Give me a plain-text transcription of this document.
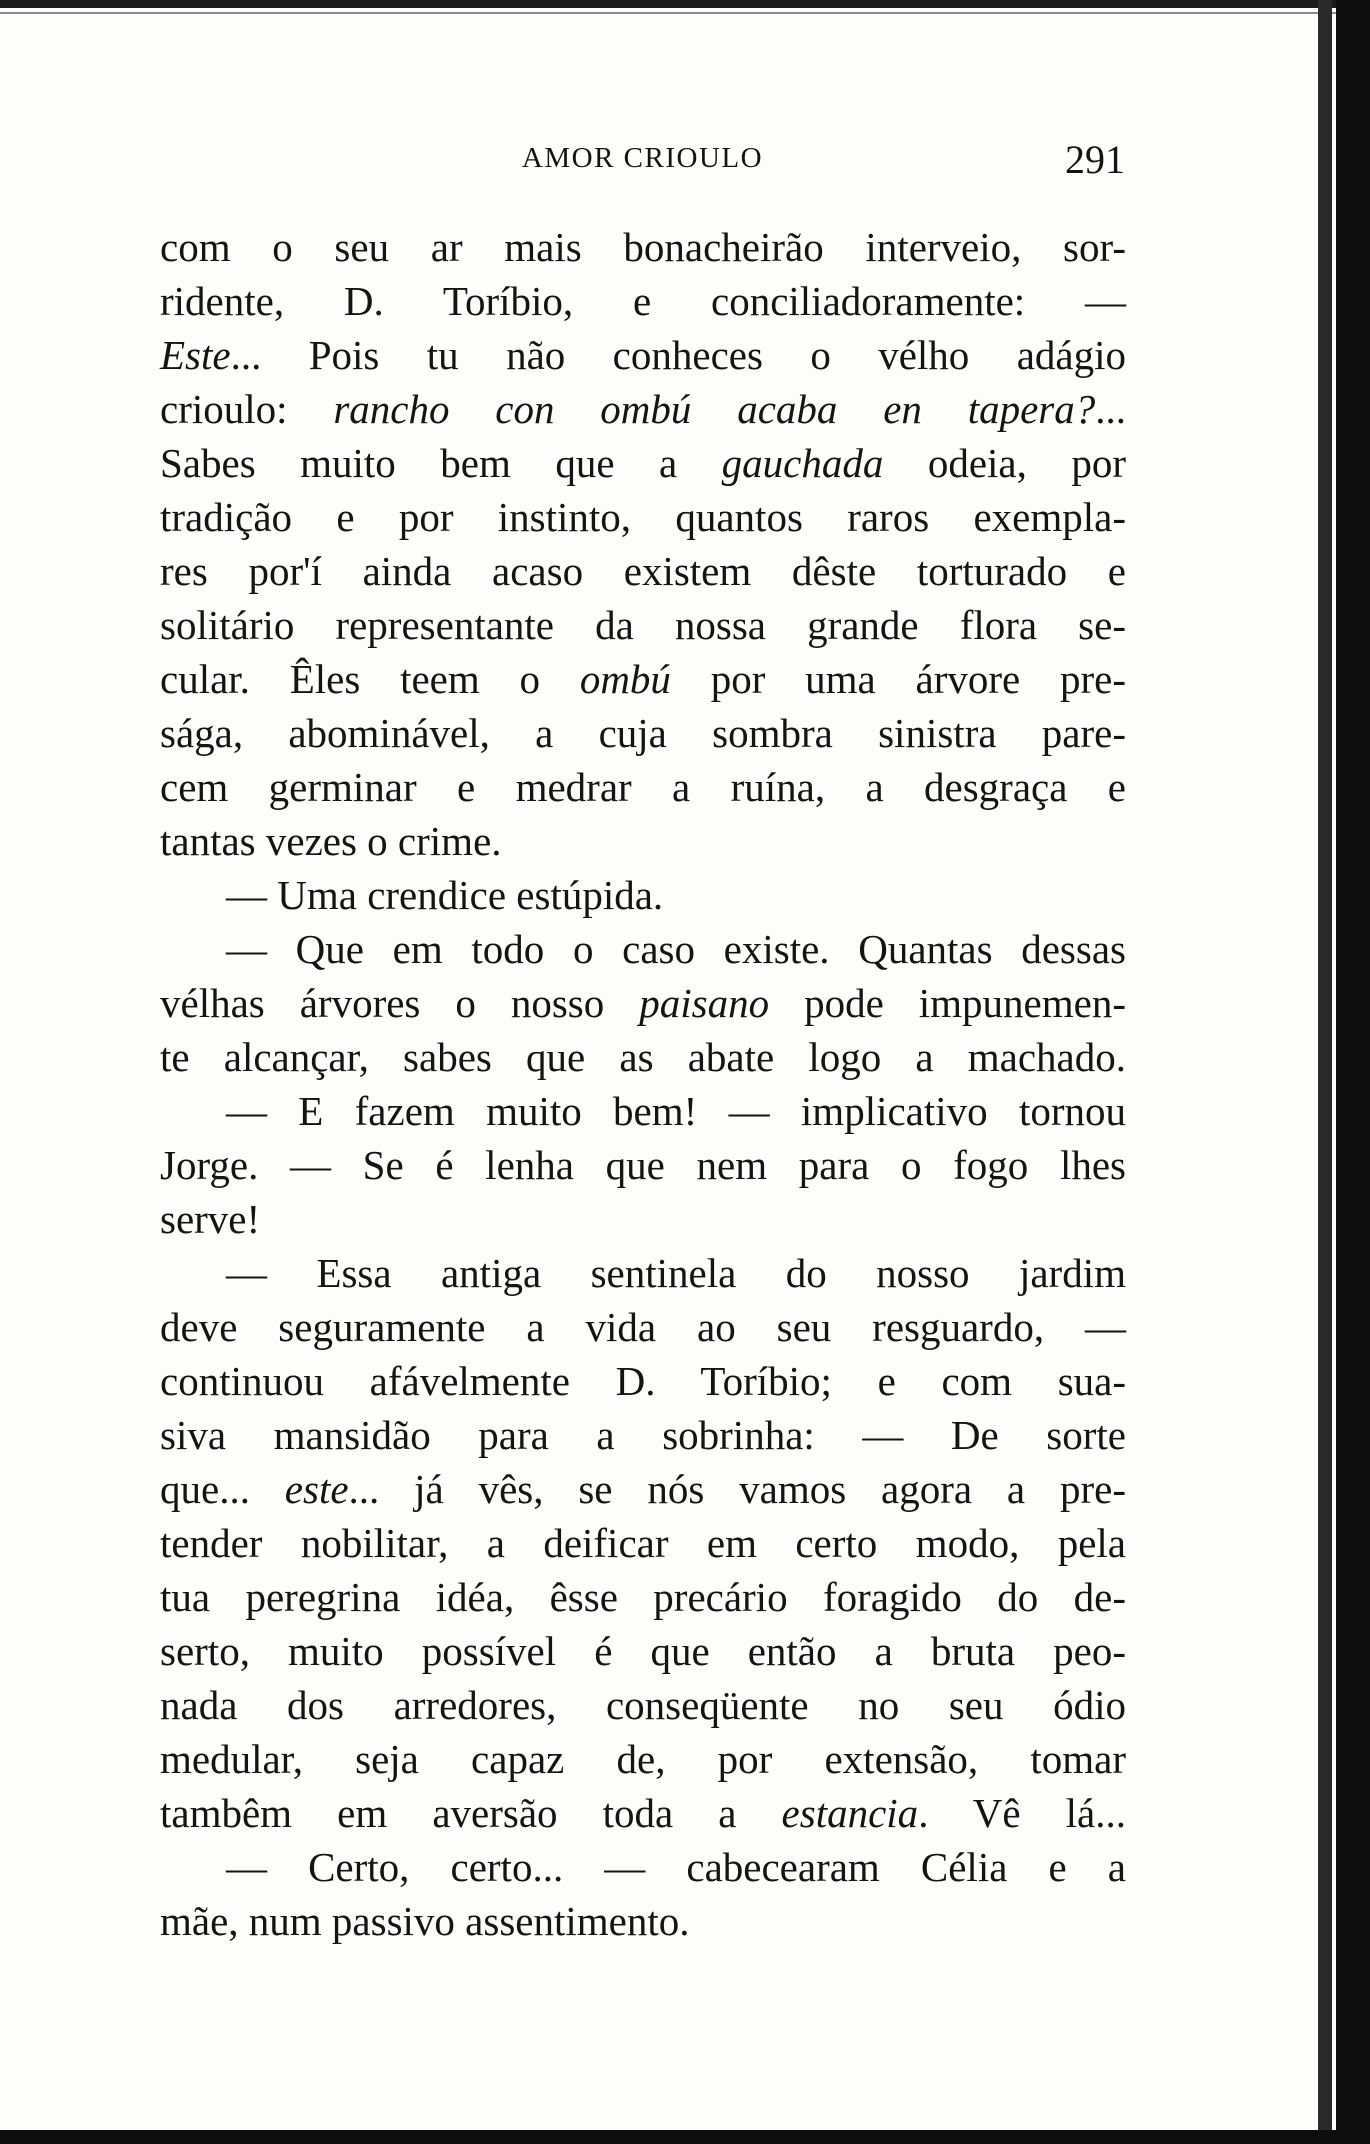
AMOR CRIOULO	291
com o seu ar mais bonacheirão interveio, sor-
ridente, D. Toríbio, e conciliadoramente: —
Este... Pois tu não conheces o vélho adágio
crioulo: rancho con ombú acaba en tapera?...
Sabes muito bem que a gauchada odeia, por
tradição e por instinto, quantos raros exempla-
res por'í ainda acaso existem dêste torturado e
solitário representante da nossa grande flora se-
cular. Êles teem o ombú por uma árvore pre-
sága, abominável, a cuja sombra sinistra pare-
cem germinar e medrar a ruína, a desgraça e
tantas vezes o crime.
— Uma crendice estúpida.
— Que em todo o caso existe. Quantas dessas
vélhas árvores o nosso paisano pode impunemen-
te alcançar, sabes que as abate logo a machado.
— E fazem muito bem! — implicativo tornou
Jorge. — Se é lenha que nem para o fogo lhes
serve!
— Essa antiga sentinela do nosso jardim
deve seguramente a vida ao seu resguardo, —
continuou afávelmente D. Toríbio; e com sua-
siva mansidão para a sobrinha: — De sorte
que... este... já vês, se nós vamos agora a pre-
tender nobilitar, a deificar em certo modo, pela
tua peregrina idéa, êsse precário foragido do de-
serto, muito possível é que então a bruta peo-
nada dos arredores, conseqüente no seu ódio
medular, seja capaz de, por extensão, tomar
tambêm em aversão toda a estancia. Vê lá...
— Certo, certo... — cabecearam Célia e a
mãe, num passivo assentimento.
